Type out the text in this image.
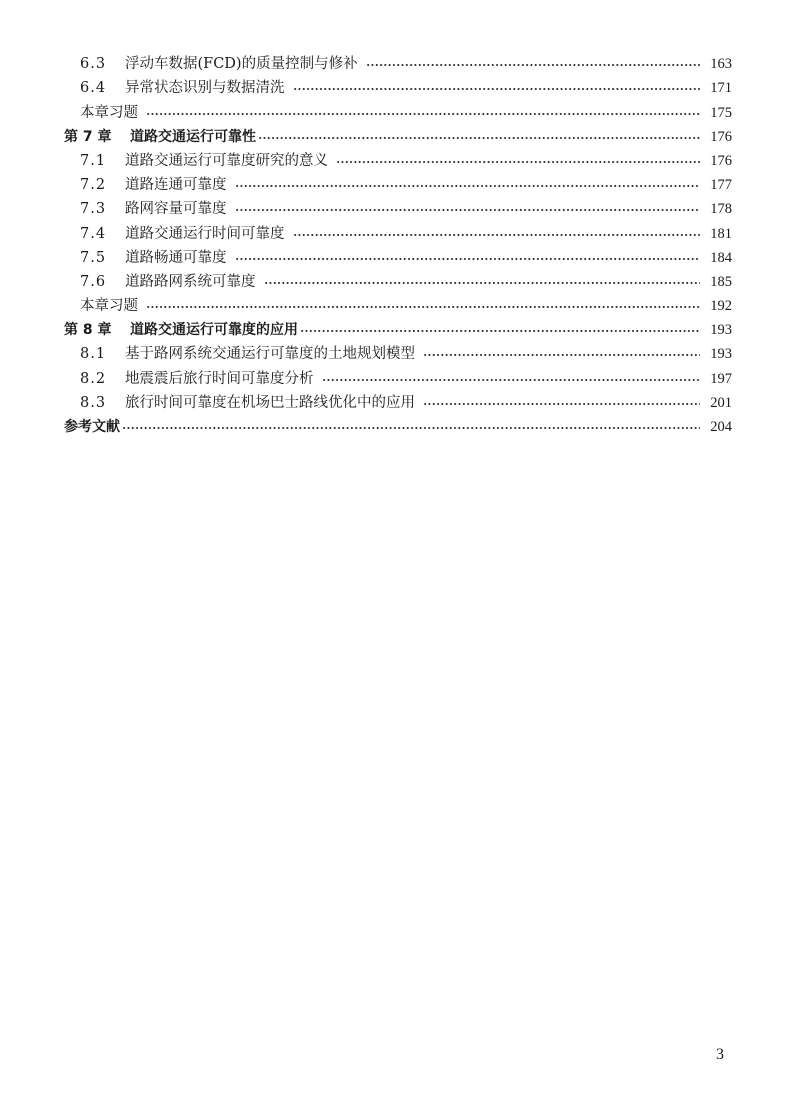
6.3	浮动车数据(FCD)的质量控制与修补	163
6.4	异常状态识别与数据清洗	171
本章习题	175
第 7 章	道路交通运行可靠性	176
7.1	道路交通运行可靠度研究的意义	176
7.2	道路连通可靠度	177
7.3	路网容量可靠度	178
7.4	道路交通运行时间可靠度	181
7.5	道路畅通可靠度	184
7.6	道路路网系统可靠度	185
本章习题	192
第 8 章	道路交通运行可靠度的应用	193
8.1	基于路网系统交通运行可靠度的土地规划模型	193
8.2	地震震后旅行时间可靠度分析	197
8.3	旅行时间可靠度在机场巴士路线优化中的应用	201
参考文献	204
3
